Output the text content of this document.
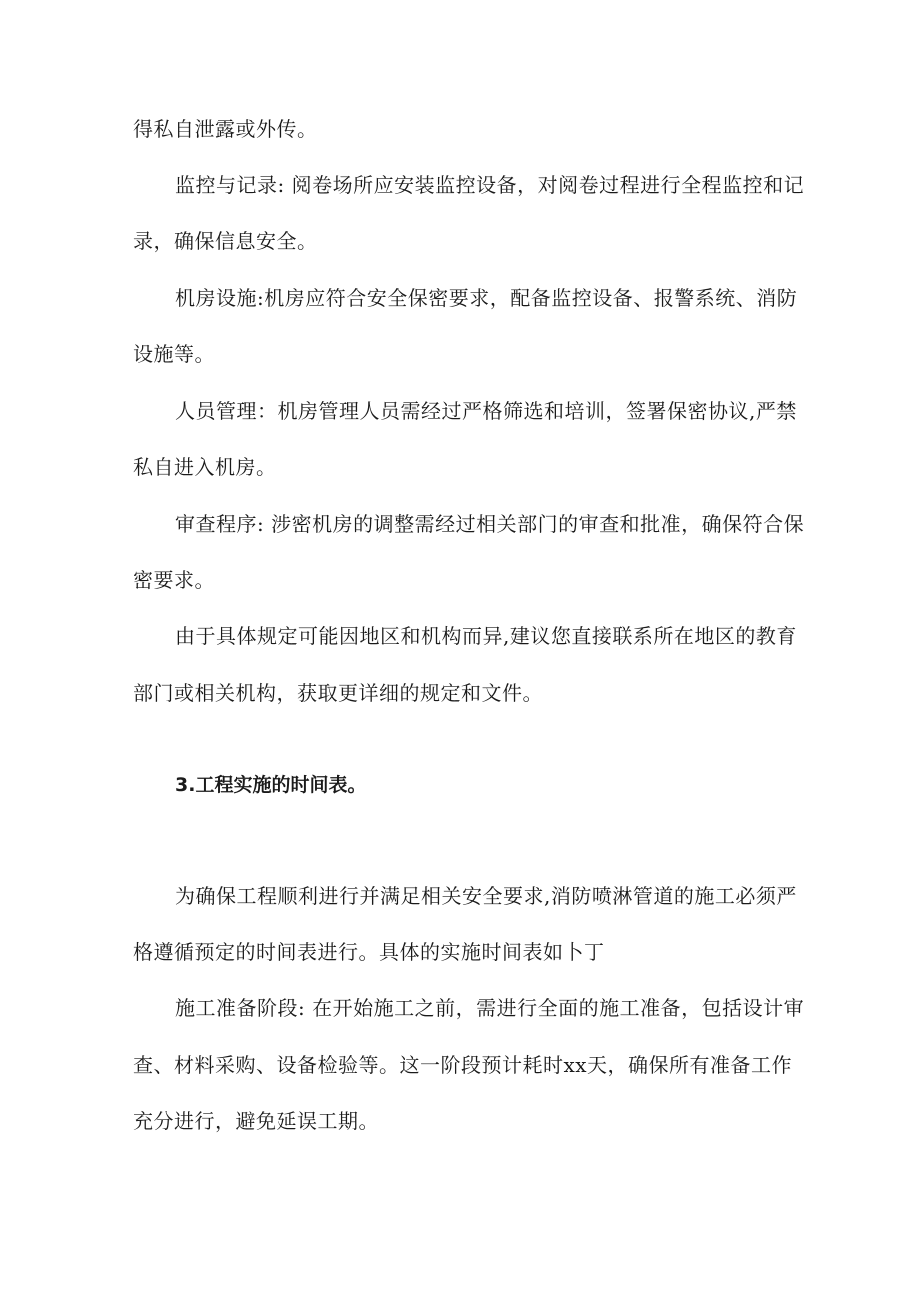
得私自泄露或外传。
监控与记录: 阅卷场所应安装监控设备，对阅卷过程进行全程监控和记
录，确保信息安全。
机房设施:机房应符合安全保密要求，配备监控设备、报警系统、消防
设施等。
人员管理：机房管理人员需经过严格筛选和培训，签署保密协议,严禁
私自进入机房。
审查程序: 涉密机房的调整需经过相关部门的审查和批准，确保符合保
密要求。
由于具体规定可能因地区和机构而异,建议您直接联系所在地区的教育
部门或相关机构，获取更详细的规定和文件。
3.工程实施的时间表。
为确保工程顺利进行并满足相关安全要求,消防喷淋管道的施工必须严
格遵循预定的时间表进行。具体的实施时间表如卜丁
施工准备阶段: 在开始施工之前，需进行全面的施工准备，包括设计审
查、材料采购、设备检验等。这一阶段预计耗时xx天，确保所有准备工作
充分进行，避免延误工期。
